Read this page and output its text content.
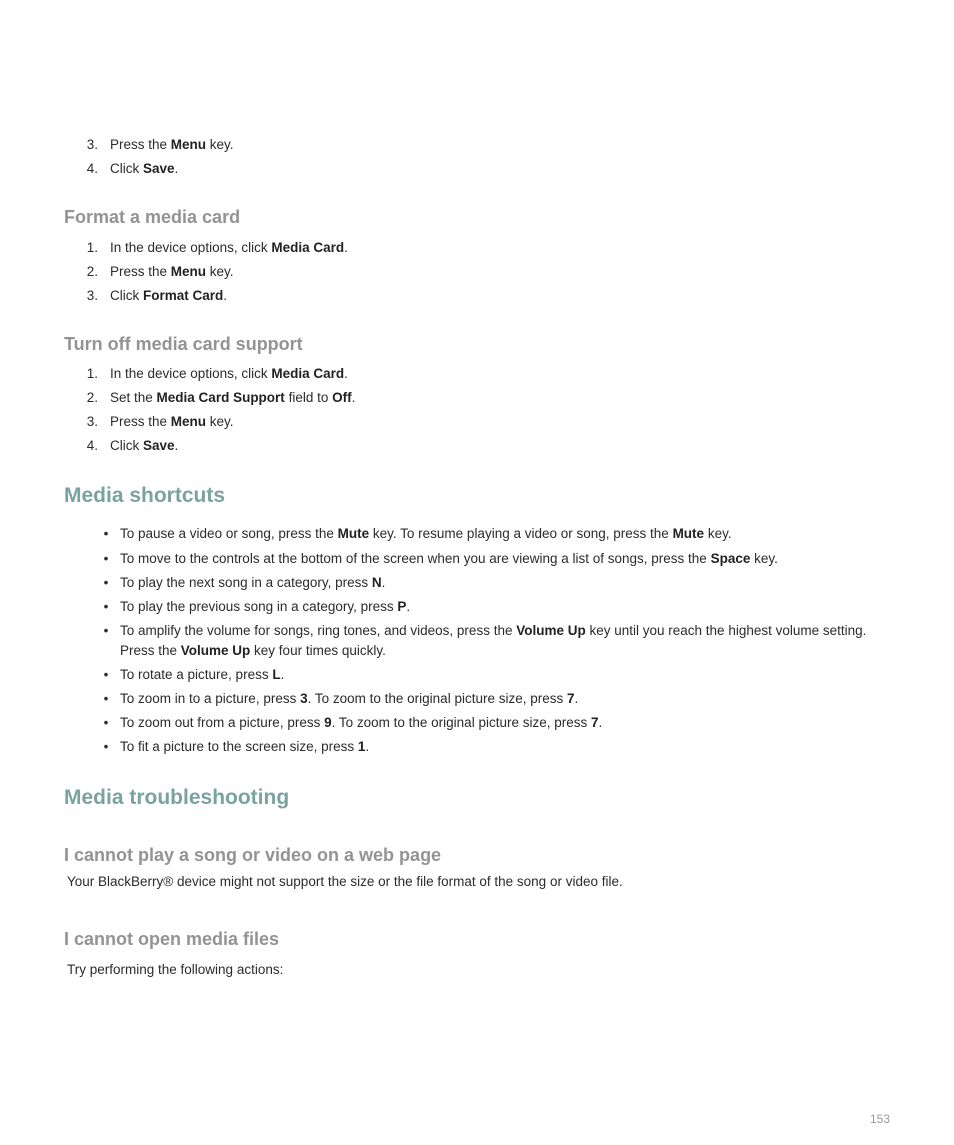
3. Press the Menu key.
4. Click Save.
Format a media card
1. In the device options, click Media Card.
2. Press the Menu key.
3. Click Format Card.
Turn off media card support
1. In the device options, click Media Card.
2. Set the Media Card Support field to Off.
3. Press the Menu key.
4. Click Save.
Media shortcuts
• To pause a video or song, press the Mute key. To resume playing a video or song, press the Mute key.
• To move to the controls at the bottom of the screen when you are viewing a list of songs, press the Space key.
• To play the next song in a category, press N.
• To play the previous song in a category, press P.
• To amplify the volume for songs, ring tones, and videos, press the Volume Up key until you reach the highest volume setting.
Press the Volume Up key four times quickly.
• To rotate a picture, press L.
• To zoom in to a picture, press 3. To zoom to the original picture size, press 7.
• To zoom out from a picture, press 9. To zoom to the original picture size, press 7.
• To fit a picture to the screen size, press 1.
Media troubleshooting
I cannot play a song or video on a web page
Your BlackBerry® device might not support the size or the file format of the song or video file.
I cannot open media files
Try performing the following actions:
153
